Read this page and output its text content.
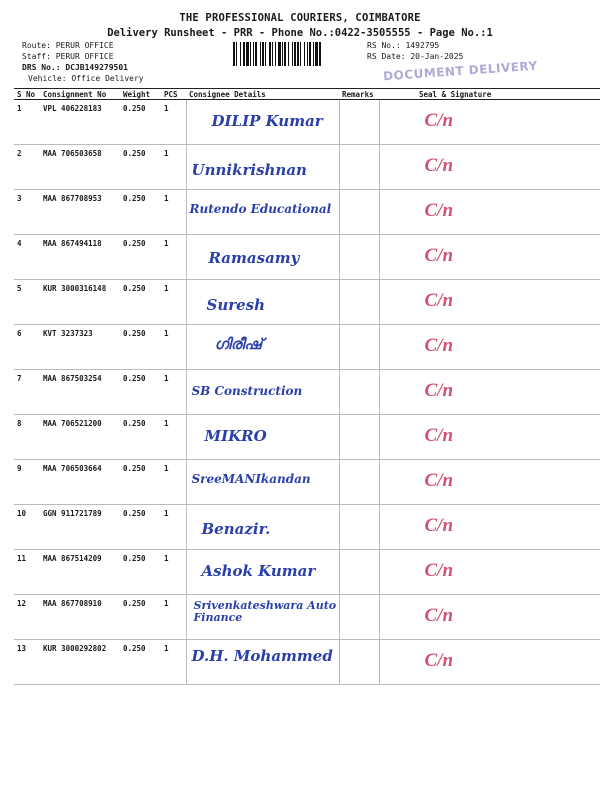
THE PROFESSIONAL COURIERS, COIMBATORE
Delivery Runsheet - PRR - Phone No.:0422-3505555 - Page No.:1
Route: PERUR OFFICE
Staff: PERUR OFFICE
DRS No.: DCJB149279501
Vehicle: Office Delivery
RS No.: 1492795
RS Date: 20-Jan-2025
DOCUMENT DELIVERY
S No	Consignment No	Weight	PCS	Consignee Details	Remarks	Seal & Signature
1	VPL 406228183	0.250	1	DILIP Kumar		C/n

2	MAA 706503658	0.250	1	Unnikrishnan		C/n

3	MAA 867708953	0.250	1	Rutendo Educational		C/n

4	MAA 867494118	0.250	1	Ramasamy		C/n

5	KUR 3000316148	0.250	1	Suresh		C/n

6	KVT 3237323	0.250	1	ഗിരീഷ്		C/n

7	MAA 867503254	0.250	1	SB Construction		C/n

8	MAA 706521200	0.250	1	MIKRO		C/n

9	MAA 706503664	0.250	1	SreeMANIkandan		C/n

10	GGN 911721789	0.250	1	Benazir.		C/n

11	MAA 867514209	0.250	1	Ashok Kumar		C/n

12	MAA 867708910	0.250	1	Srivenkateshwara Auto Finance		C/n

13	KUR 3000292802	0.250	1	D.H. Mohammed		C/n
